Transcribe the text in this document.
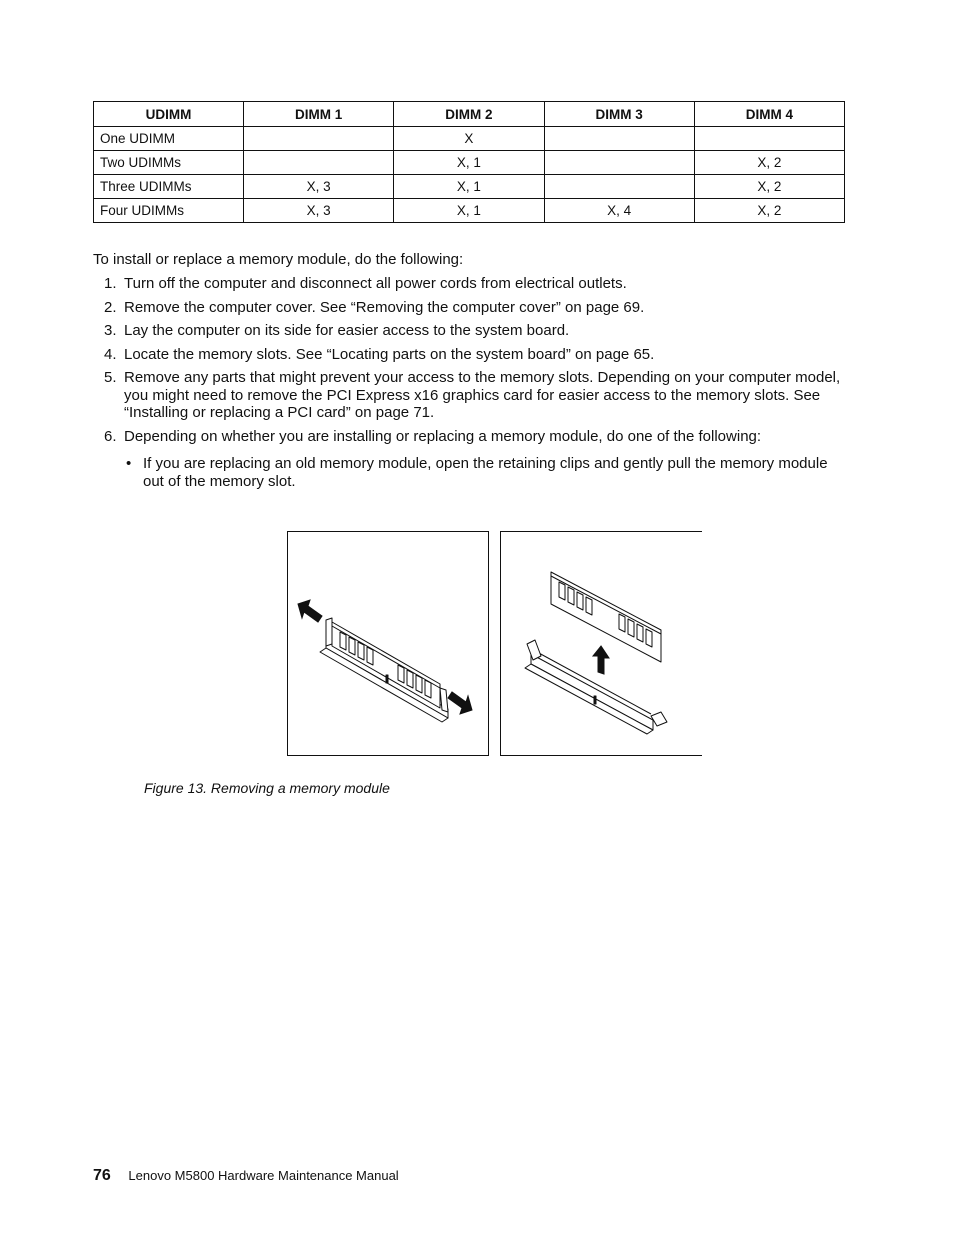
UDIMM	DIMM 1	DIMM 2	DIMM 3	DIMM 4
One UDIMM		X		
Two UDIMMs		X, 1		X, 2
Three UDIMMs	X, 3	X, 1		X, 2
Four UDIMMs	X, 3	X, 1	X, 4	X, 2

To install or replace a memory module, do the following:

1. Turn off the computer and disconnect all power cords from electrical outlets.
2. Remove the computer cover. See “Removing the computer cover” on page 69.
3. Lay the computer on its side for easier access to the system board.
4. Locate the memory slots. See “Locating parts on the system board” on page 65.
5. Remove any parts that might prevent your access to the memory slots. Depending on your computer model, you might need to remove the PCI Express x16 graphics card for easier access to the memory slots. See “Installing or replacing a PCI card” on page 71.
6. Depending on whether you are installing or replacing a memory module, do one of the following:
• If you are replacing an old memory module, open the retaining clips and gently pull the memory module out of the memory slot.

Figure 13. Removing a memory module

76 Lenovo M5800 Hardware Maintenance Manual
